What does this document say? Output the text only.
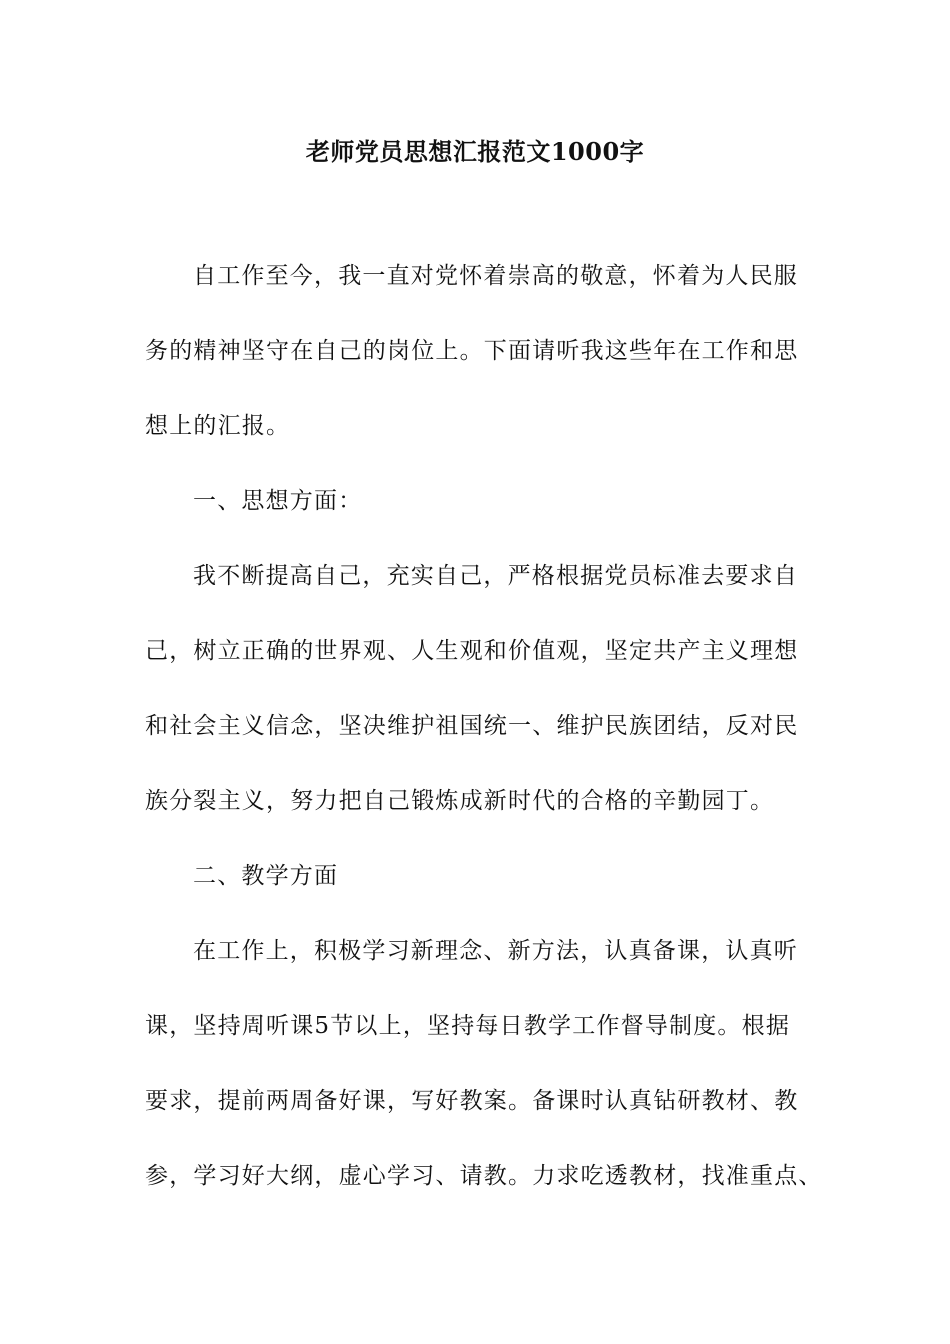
老师党员思想汇报范文1000字
自工作至今，我一直对党怀着崇高的敬意，怀着为人民服
务的精神坚守在自己的岗位上。下面请听我这些年在工作和思
想上的汇报。
一、思想方面：
我不断提高自己，充实自己，严格根据党员标准去要求自
己，树立正确的世界观、人生观和价值观，坚定共产主义理想
和社会主义信念，坚决维护祖国统一、维护民族团结，反对民
族分裂主义，努力把自己锻炼成新时代的合格的辛勤园丁。
二、教学方面
在工作上，积极学习新理念、新方法，认真备课，认真听
课，坚持周听课5节以上，坚持每日教学工作督导制度。根据
要求，提前两周备好课，写好教案。备课时认真钻研教材、教
参，学习好大纲，虚心学习、请教。力求吃透教材，找准重点、
